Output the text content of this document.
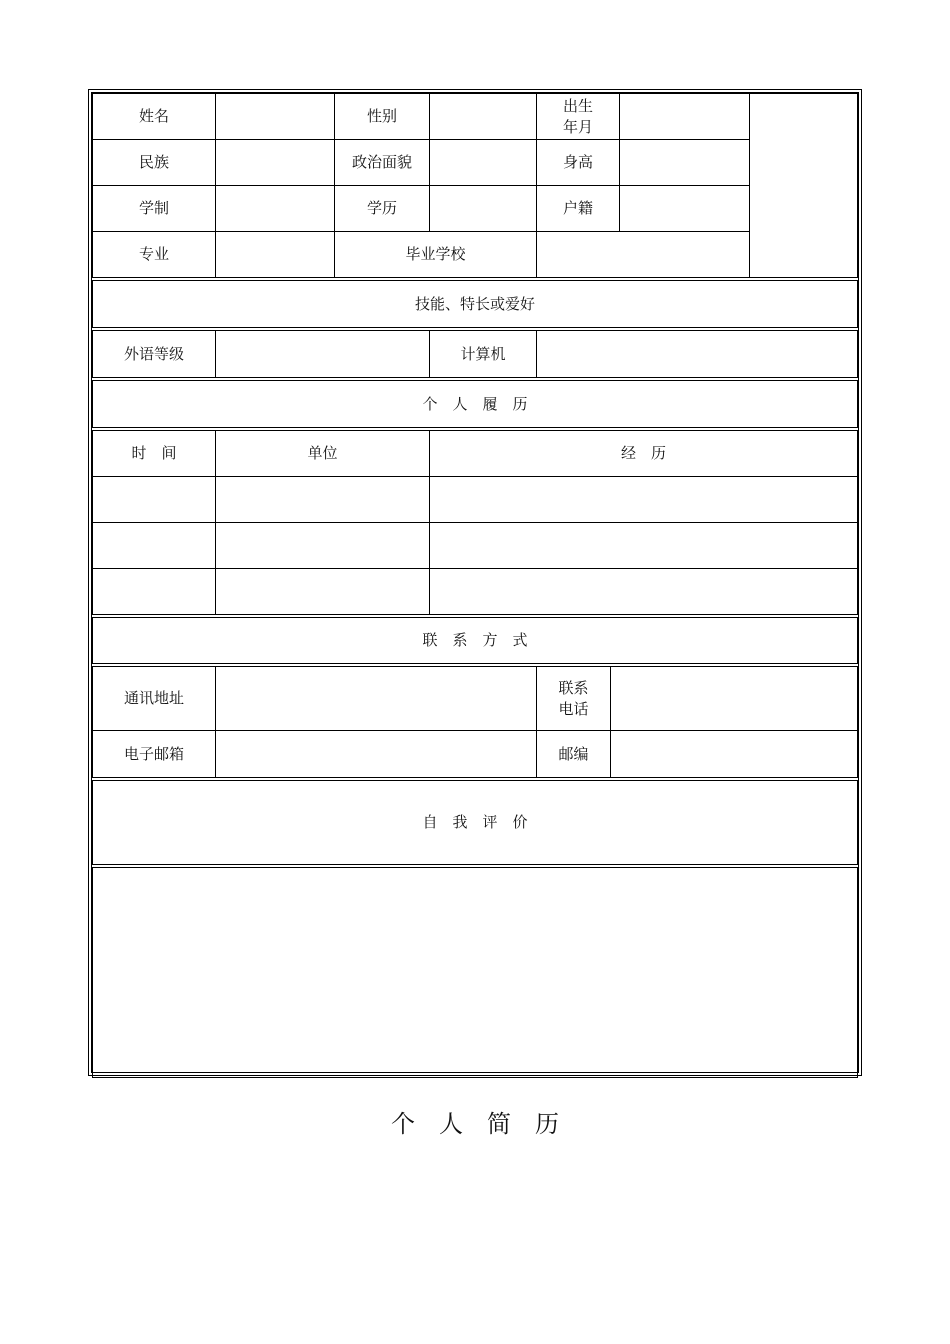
姓名		性别		出生
年月		

民族		政治面貌		身高		
学制		学历		户籍		
专业		毕业学校				
技能、特长或爱好
外语等级		计算机	
个　人　履　历
时　间	单位	经　历

联　系　方　式
通讯地址		联系
电话	

电子邮箱		邮编	
自　我　评　价
个　人　简　历
